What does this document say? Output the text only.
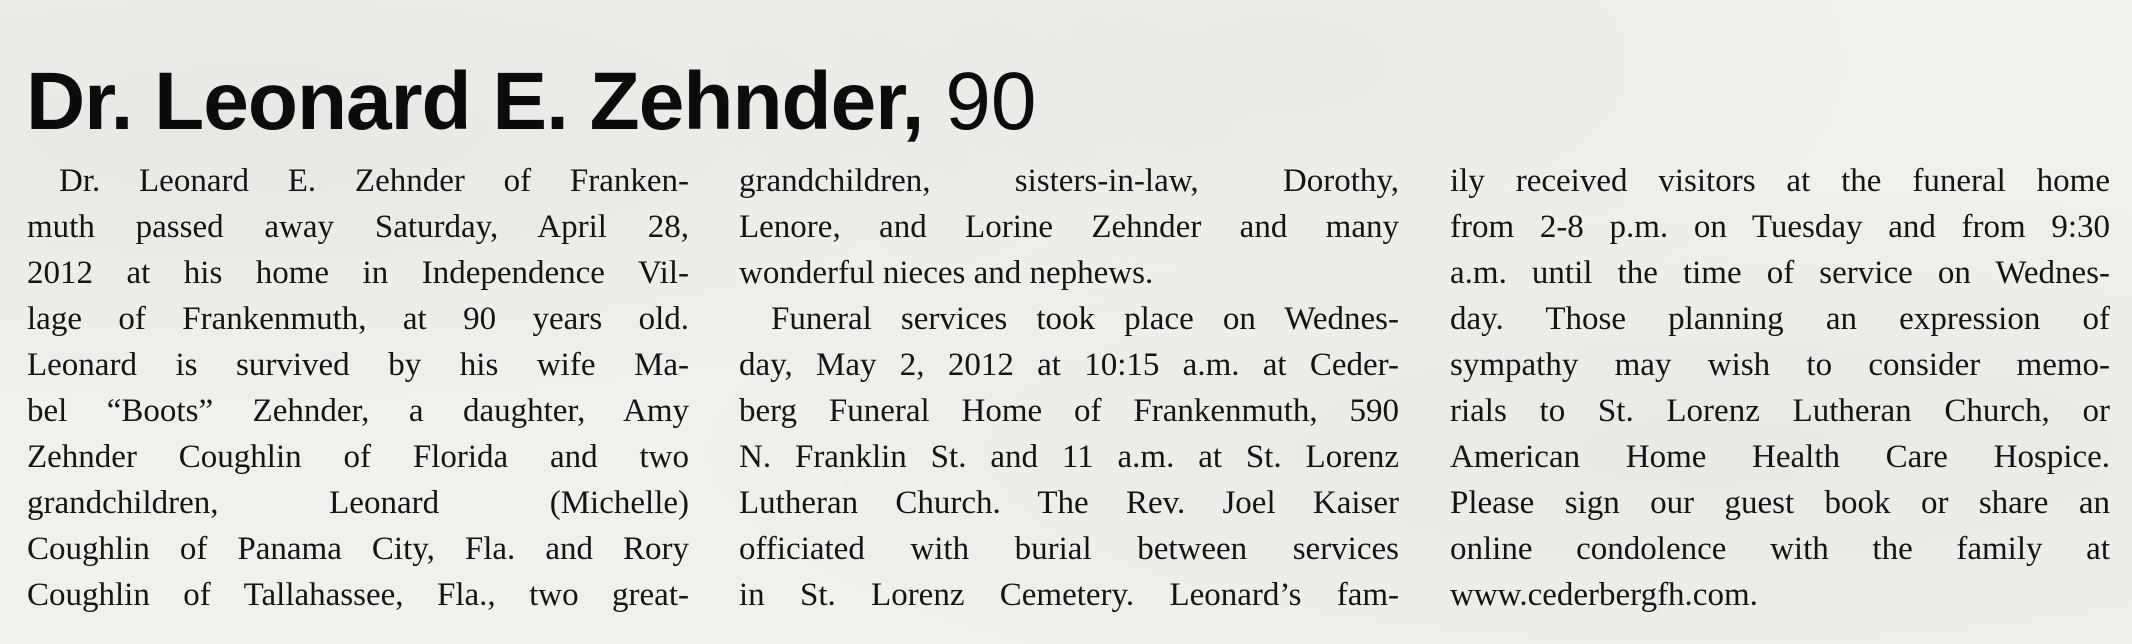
Dr. Leonard E. Zehnder, 90
Dr. Leonard E. Zehnder of Franken-
muth passed away Saturday, April 28,
2012 at his home in Independence Vil-
lage of Frankenmuth, at 90 years old.
Leonard is survived by his wife Ma-
bel “Boots” Zehnder, a daughter, Amy
Zehnder Coughlin of Florida and two
grandchildren, Leonard (Michelle)
Coughlin of Panama City, Fla. and Rory
Coughlin of Tallahassee, Fla., two great-
grandchildren, sisters-in-law, Dorothy,
Lenore, and Lorine Zehnder and many
wonderful nieces and nephews.
Funeral services took place on Wednes-
day, May 2, 2012 at 10:15 a.m. at Ceder-
berg Funeral Home of Frankenmuth, 590
N. Franklin St. and 11 a.m. at St. Lorenz
Lutheran Church. The Rev. Joel Kaiser
officiated with burial between services
in St. Lorenz Cemetery. Leonard’s fam-
ily received visitors at the funeral home
from 2-8 p.m. on Tuesday and from 9:30
a.m. until the time of service on Wednes-
day. Those planning an expression of
sympathy may wish to consider memo-
rials to St. Lorenz Lutheran Church, or
American Home Health Care Hospice.
Please sign our guest book or share an
online condolence with the family at
www.cederbergfh.com.
